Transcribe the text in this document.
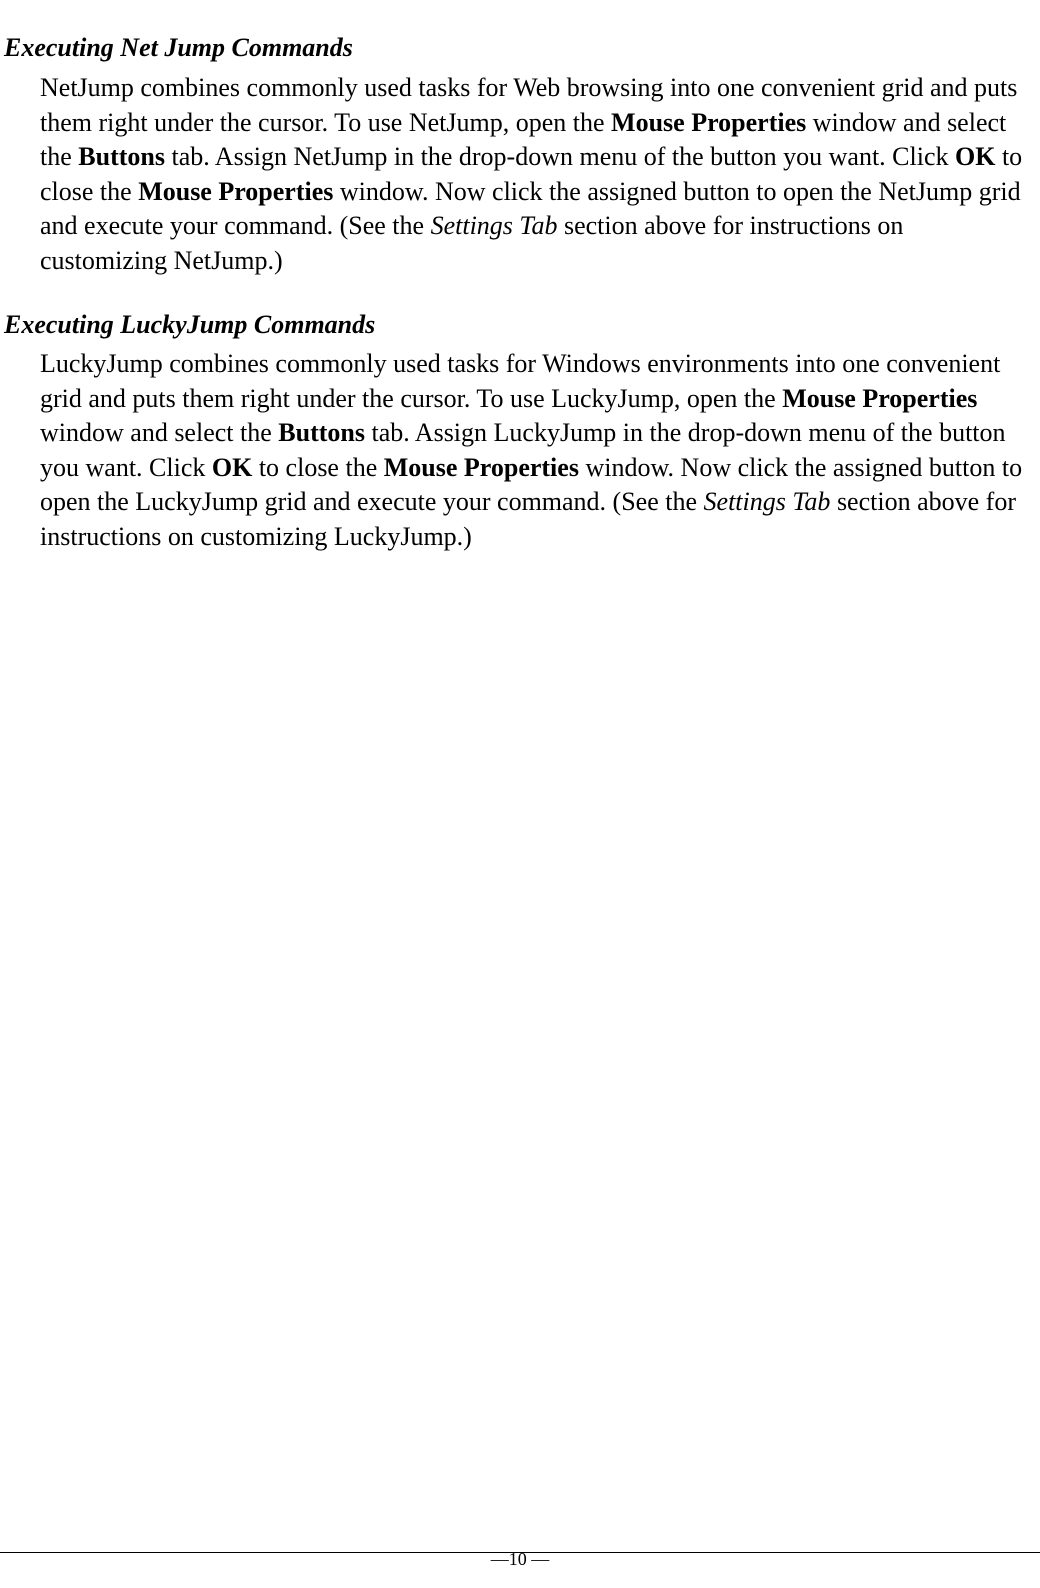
Executing Net Jump Commands

NetJump combines commonly used tasks for Web browsing into one convenient grid and puts them right under the cursor. To use NetJump, open the Mouse Properties window and select the Buttons tab. Assign NetJump in the drop-down menu of the button you want. Click OK to close the Mouse Properties window. Now click the assigned button to open the NetJump grid and execute your command. (See the Settings Tab section above for instructions on customizing NetJump.)

Executing LuckyJump Commands

LuckyJump combines commonly used tasks for Windows environments into one convenient grid and puts them right under the cursor. To use LuckyJump, open the Mouse Properties window and select the Buttons tab. Assign LuckyJump in the drop-down menu of the button you want. Click OK to close the Mouse Properties window. Now click the assigned button to open the LuckyJump grid and execute your command. (See the Settings Tab section above for instructions on customizing LuckyJump.)

—10 —
